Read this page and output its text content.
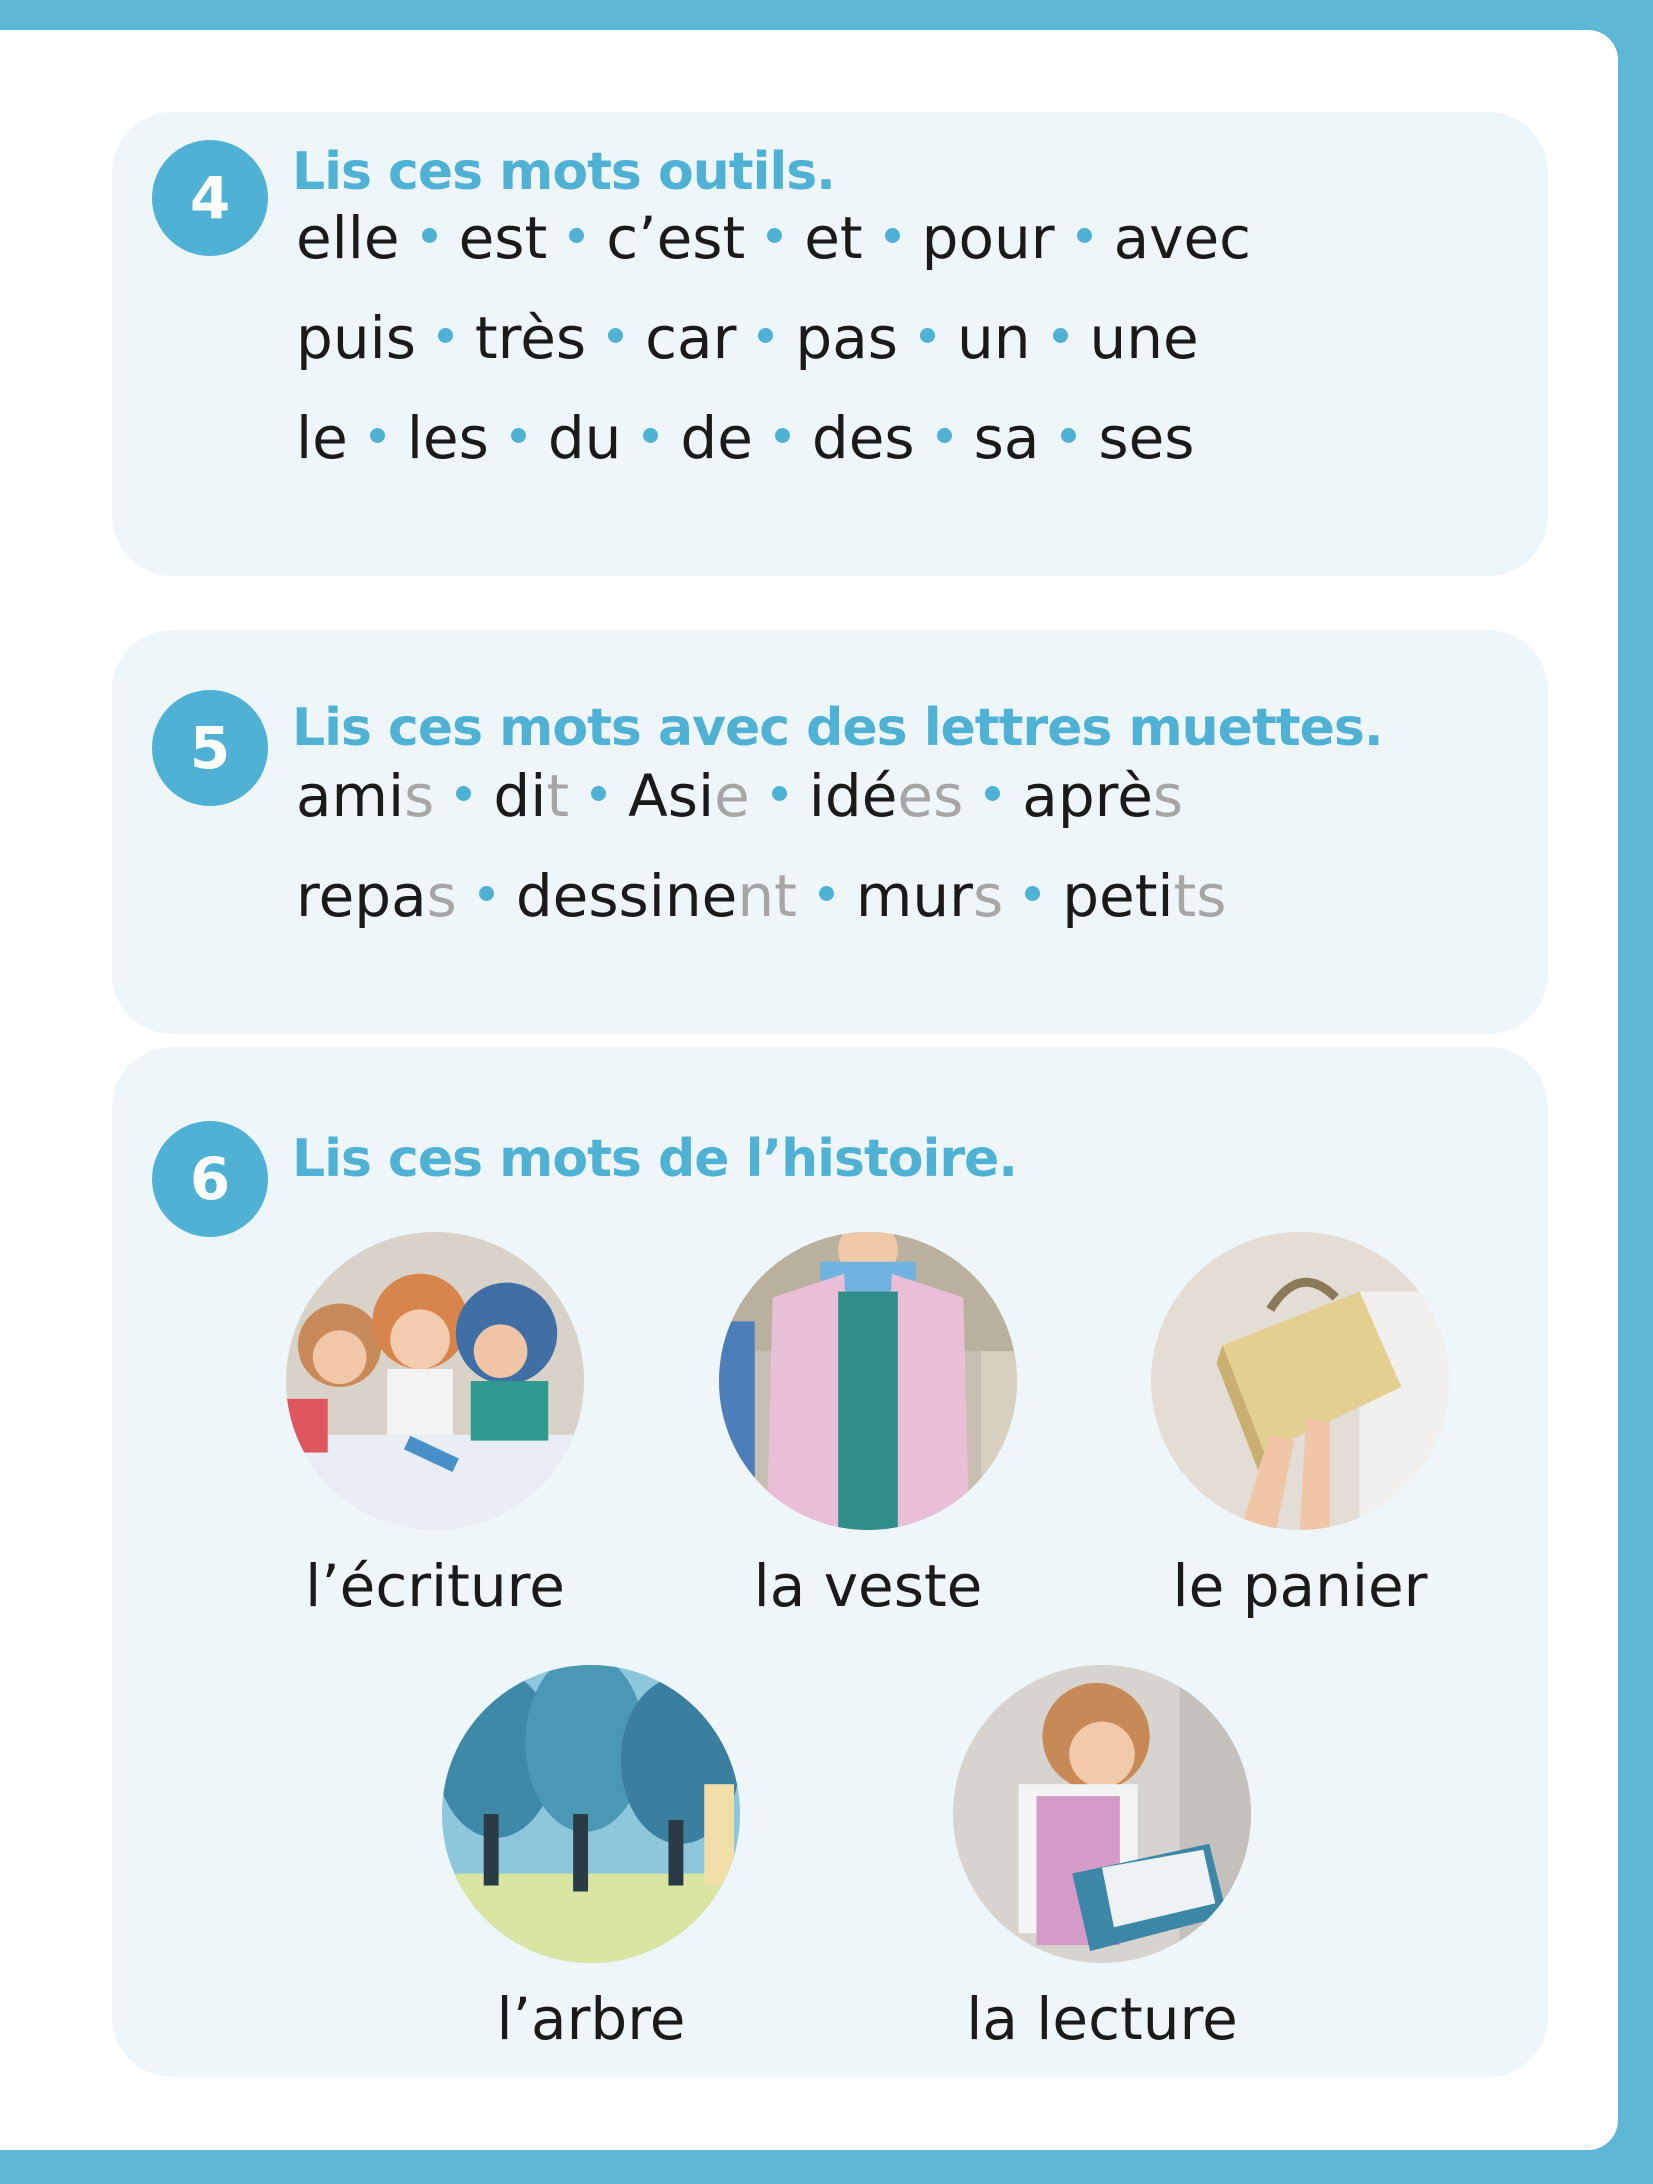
4	Lis ces mots outils.
elle est c’est et pour avec
puis très car pas un une
le les du de des sa ses
5	Lis ces mots avec des lettres muettes.
amis dit Asie idées après
repas dessinent murs petits
6	Lis ces mots de l’histoire.
l’écriture	la veste	le panier
l’arbre	la lecture
